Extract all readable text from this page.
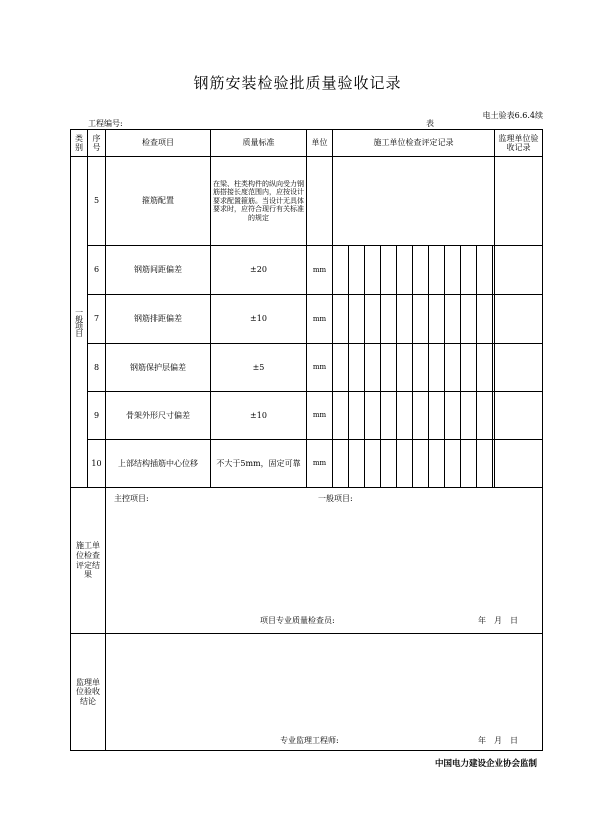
钢筋安装检验批质量验收记录
电土验表6.6.4续
工程编号:	表
类别	序号	检查项目	质量标准	单位	施工单位检查评定记录											监理单位验收记录

一般项目	5	箍筋配置	在梁、柱类构件的纵向受力钢筋搭接长度范围内，应按设计要求配置箍筋。当设计无具体要求时，应符合现行有关标准的规定													
	6	钢筋间距偏差	±20	mm												
	7	钢筋排距偏差	±10	mm												
	8	钢筋保护层偏差	±5	mm												
	9	骨架外形尺寸偏差	±10	mm												
	10	上部结构插筋中心位移	不大于5mm，固定可靠	mm												

施工单位检查评定结果		主控项目: 一般项目:
项目专业质量检查员: 年　月　日														

监理单位验收结论		专业监理工程师: 年　月　日														
中国电力建设企业协会监制
